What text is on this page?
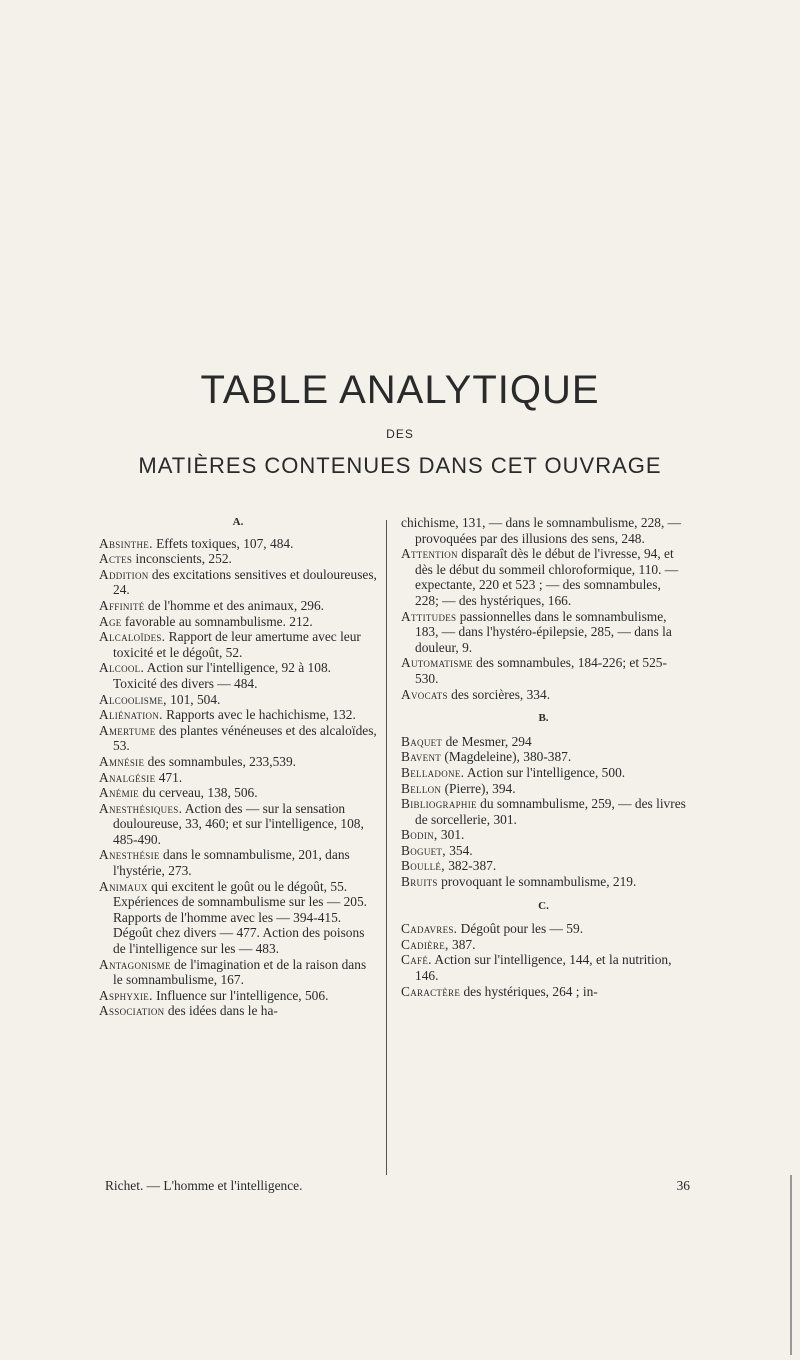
TABLE ANALYTIQUE
DES
MATIÈRES CONTENUES DANS CET OUVRAGE
A.

Absinthe. Effets toxiques, 107, 484.

Actes inconscients, 252.

Addition des excitations sensitives et douloureuses, 24.

Affinité de l'homme et des animaux, 296.

Age favorable au somnambulisme. 212.

Alcaloïdes. Rapport de leur amertume avec leur toxicité et le dégoût, 52.

Alcool. Action sur l'intelligence, 92 à 108. Toxicité des divers — 484.

Alcoolisme, 101, 504.

Aliénation. Rapports avec le hachichisme, 132.

Amertume des plantes vénéneuses et des alcaloïdes, 53.

Amnésie des somnambules, 233,539.

Analgésie 471.

Anémie du cerveau, 138, 506.

Anesthésiques. Action des — sur la sensation douloureuse, 33, 460; et sur l'intelligence, 108, 485-490.

Anesthésie dans le somnambulisme, 201, dans l'hystérie, 273.

Animaux qui excitent le goût ou le dégoût, 55. Expériences de somnambulisme sur les — 205. Rapports de l'homme avec les — 394-415. Dégoût chez divers — 477. Action des poisons de l'intelligence sur les — 483.

Antagonisme de l'imagination et de la raison dans le somnambulisme, 167.

Asphyxie. Influence sur l'intelligence, 506.

Association des idées dans le ha-

chichisme, 131, — dans le somnambulisme, 228, — provoquées par des illusions des sens, 248.

Attention disparaît dès le début de l'ivresse, 94, et dès le début du sommeil chloroformique, 110. — expectante, 220 et 523 ; — des somnambules, 228; — des hystériques, 166.

Attitudes passionnelles dans le somnambulisme, 183, — dans l'hystéro-épilepsie, 285, — dans la douleur, 9.

Automatisme des somnambules, 184-226; et 525-530.

Avocats des sorcières, 334.

B.

Baquet de Mesmer, 294

Bavent (Magdeleine), 380-387.

Belladone. Action sur l'intelligence, 500.

Bellon (Pierre), 394.

Bibliographie du somnambulisme, 259, — des livres de sorcellerie, 301.

Bodin, 301.

Boguet, 354.

Boullé, 382-387.

Bruits provoquant le somnambulisme, 219.

C.

Cadavres. Dégoût pour les — 59.

Cadière, 387.

Café. Action sur l'intelligence, 144, et la nutrition, 146.

Caractère des hystériques, 264 ; in-

Richet. — L'homme et l'intelligence.	36
